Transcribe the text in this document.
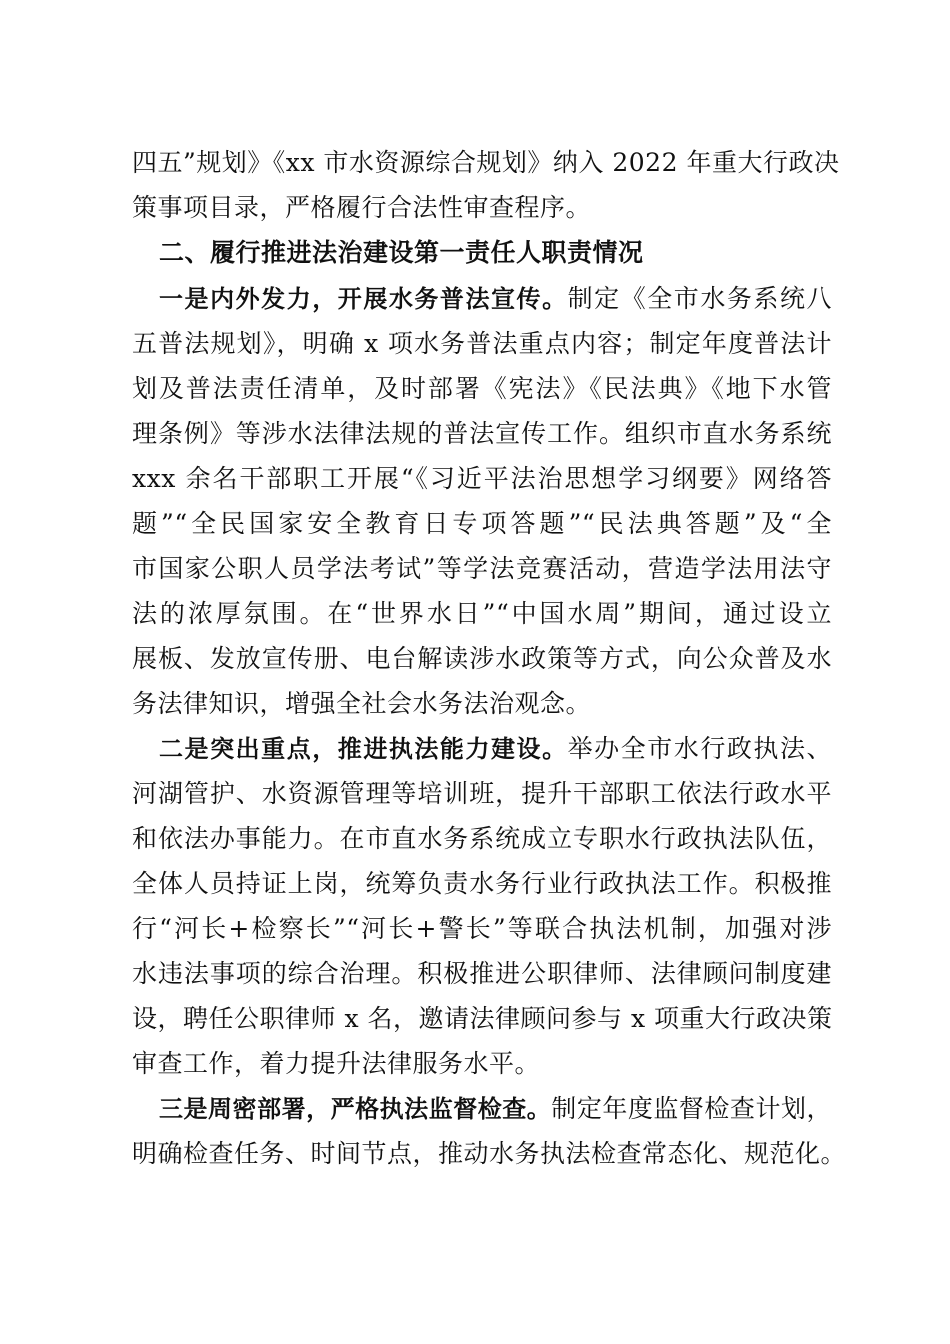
四五”规划》《xx 市水资源综合规划》纳入 2022 年重大行政决
策事项目录，严格履行合法性审查程序。
二、履行推进法治建设第一责任人职责情况
一是内外发力，开展水务普法宣传。制定《全市水务系统八
五普法规划》，明确 x 项水务普法重点内容；制定年度普法计
划及普法责任清单，及时部署《宪法》《民法典》《地下水管
理条例》等涉水法律法规的普法宣传工作。组织市直水务系统
xxx 余名干部职工开展“《习近平法治思想学习纲要》网络答
题”“全民国家安全教育日专项答题”“民法典答题”及“全
市国家公职人员学法考试”等学法竞赛活动，营造学法用法守
法的浓厚氛围。在“世界水日”“中国水周”期间，通过设立
展板、发放宣传册、电台解读涉水政策等方式，向公众普及水
务法律知识，增强全社会水务法治观念。
二是突出重点，推进执法能力建设。举办全市水行政执法、
河湖管护、水资源管理等培训班，提升干部职工依法行政水平
和依法办事能力。在市直水务系统成立专职水行政执法队伍，
全体人员持证上岗，统筹负责水务行业行政执法工作。积极推
行“河长+检察长”“河长+警长”等联合执法机制，加强对涉
水违法事项的综合治理。积极推进公职律师、法律顾问制度建
设，聘任公职律师 x 名，邀请法律顾问参与 x 项重大行政决策
审查工作，着力提升法律服务水平。
三是周密部署，严格执法监督检查。制定年度监督检查计划，
明确检查任务、时间节点，推动水务执法检查常态化、规范化。
